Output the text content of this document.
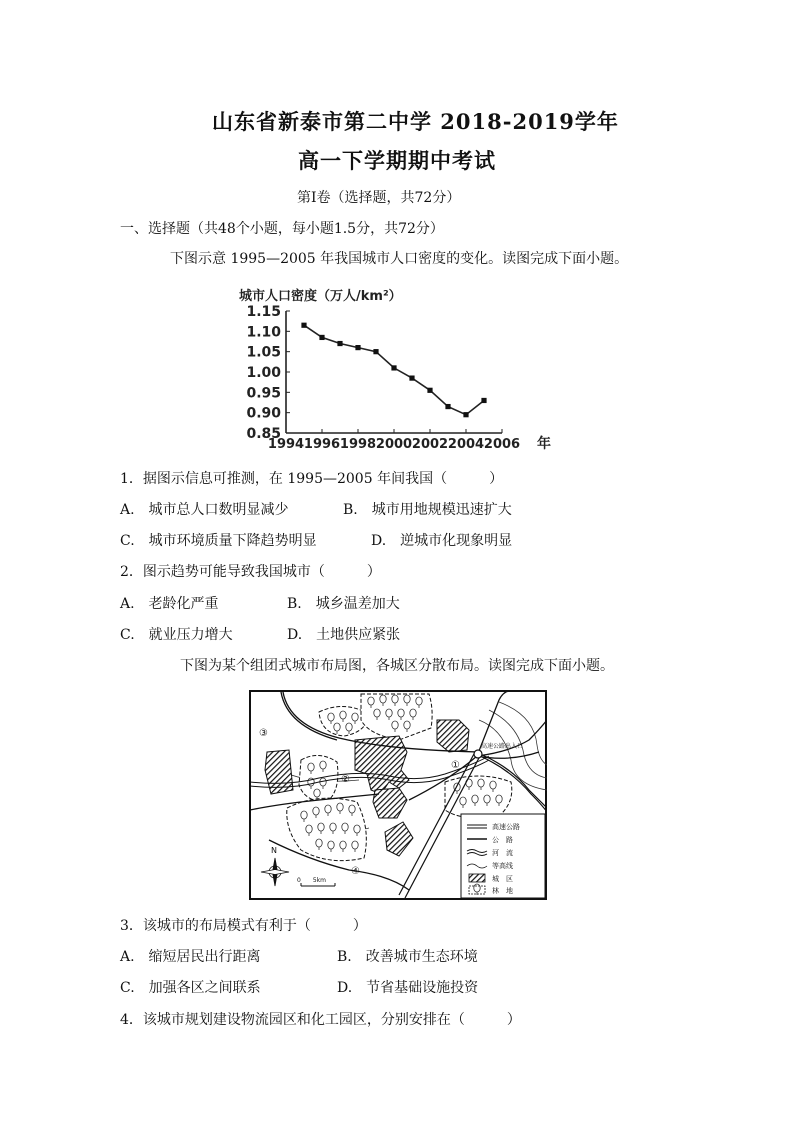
山东省新泰市第二中学 2018-2019学年
高一下学期期中考试
第Ⅰ卷（选择题，共72分）
一、选择题（共48个小题，每小题1.5分，共72分）
下图示意 1995—2005 年我国城市人口密度的变化。读图完成下面小题。
城市人口密度（万人/km²）
0.85
0.90
0.95
1.00
1.05
1.10
1.15
1994 1996 1998 2000 2002 2004 2006 年
1．据图示信息可推测，在 1995—2005 年间我国（　　　）
A.　城市总人口数明显减少	B.　城市用地规模迅速扩大
C.　城市环境质量下降趋势明显	D.　逆城市化现象明显
2．图示趋势可能导致我国城市（　　　）
A.　老龄化严重	B.　城乡温差加大
C.　就业压力增大	D.　土地供应紧张
下图为某个组团式城市布局图，各城区分散布局。读图完成下面小题。
高速公路出入口
①
②
③
④
N
0　　5km
高速公路
公　路
河　流
等高线
城　区
林　地
3．该城市的布局模式有利于（　　　）
A.　缩短居民出行距离	B.　改善城市生态环境
C.　加强各区之间联系	D.　节省基础设施投资
4．该城市规划建设物流园区和化工园区，分别安排在（　　　）
